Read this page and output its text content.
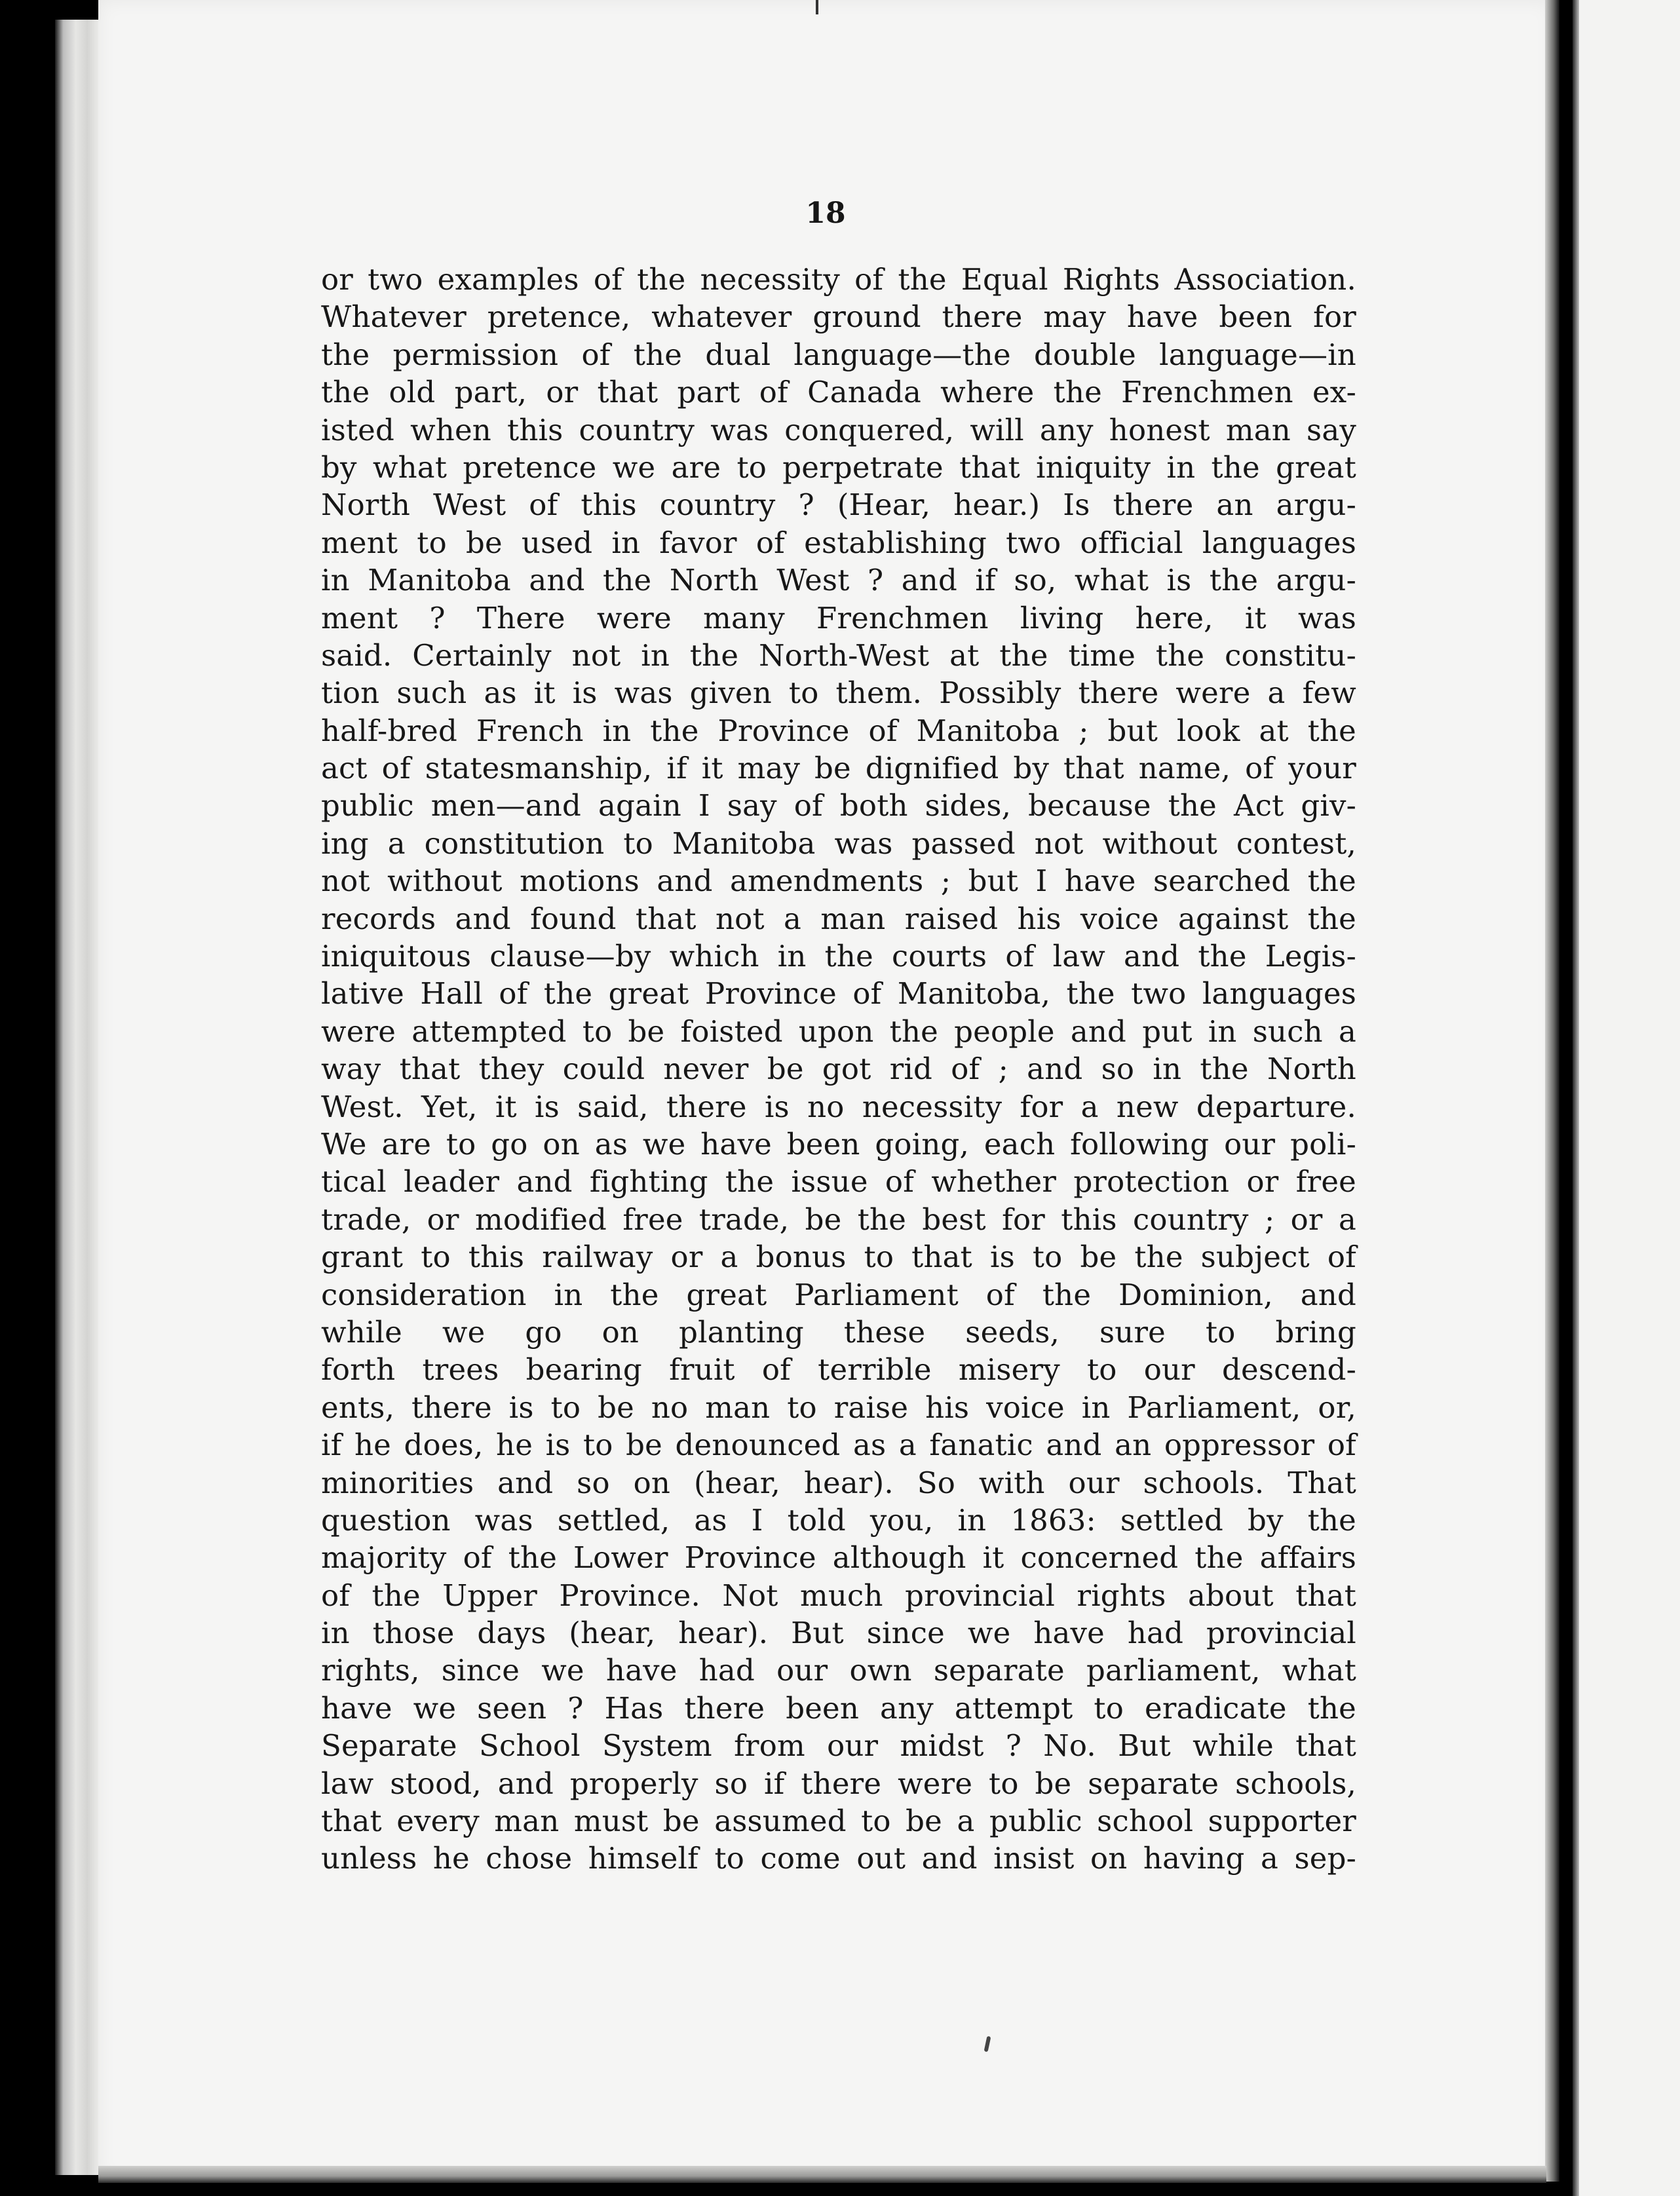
18
or two examples of the necessity of the Equal Rights Association.
Whatever pretence, whatever ground there may have been for
the permission of the dual language—the double language—in
the old part, or that part of Canada where the Frenchmen ex-
isted when this country was conquered, will any honest man say
by what pretence we are to perpetrate that iniquity in the great
North West of this country ? (Hear, hear.) Is there an argu-
ment to be used in favor of establishing two official languages
in Manitoba and the North West ? and if so, what is the argu-
ment ? There were many Frenchmen living here, it was
said. Certainly not in the North-West at the time the constitu-
tion such as it is was given to them. Possibly there were a few
half-bred French in the Province of Manitoba ; but look at the
act of statesmanship, if it may be dignified by that name, of your
public men—and again I say of both sides, because the Act giv-
ing a constitution to Manitoba was passed not without contest,
not without motions and amendments ; but I have searched the
records and found that not a man raised his voice against the
iniquitous clause—by which in the courts of law and the Legis-
lative Hall of the great Province of Manitoba, the two languages
were attempted to be foisted upon the people and put in such a
way that they could never be got rid of ; and so in the North
West. Yet, it is said, there is no necessity for a new departure.
We are to go on as we have been going, each following our poli-
tical leader and fighting the issue of whether protection or free
trade, or modified free trade, be the best for this country ; or a
grant to this railway or a bonus to that is to be the subject of
consideration in the great Parliament of the Dominion, and
while we go on planting these seeds, sure to bring
forth trees bearing fruit of terrible misery to our descend-
ents, there is to be no man to raise his voice in Parliament, or,
if he does, he is to be denounced as a fanatic and an oppressor of
minorities and so on (hear, hear). So with our schools. That
question was settled, as I told you, in 1863: settled by the
majority of the Lower Province although it concerned the affairs
of the Upper Province. Not much provincial rights about that
in those days (hear, hear). But since we have had provincial
rights, since we have had our own separate parliament, what
have we seen ? Has there been any attempt to eradicate the
Separate School System from our midst ? No. But while that
law stood, and properly so if there were to be separate schools,
that every man must be assumed to be a public school supporter
unless he chose himself to come out and insist on having a sep-
